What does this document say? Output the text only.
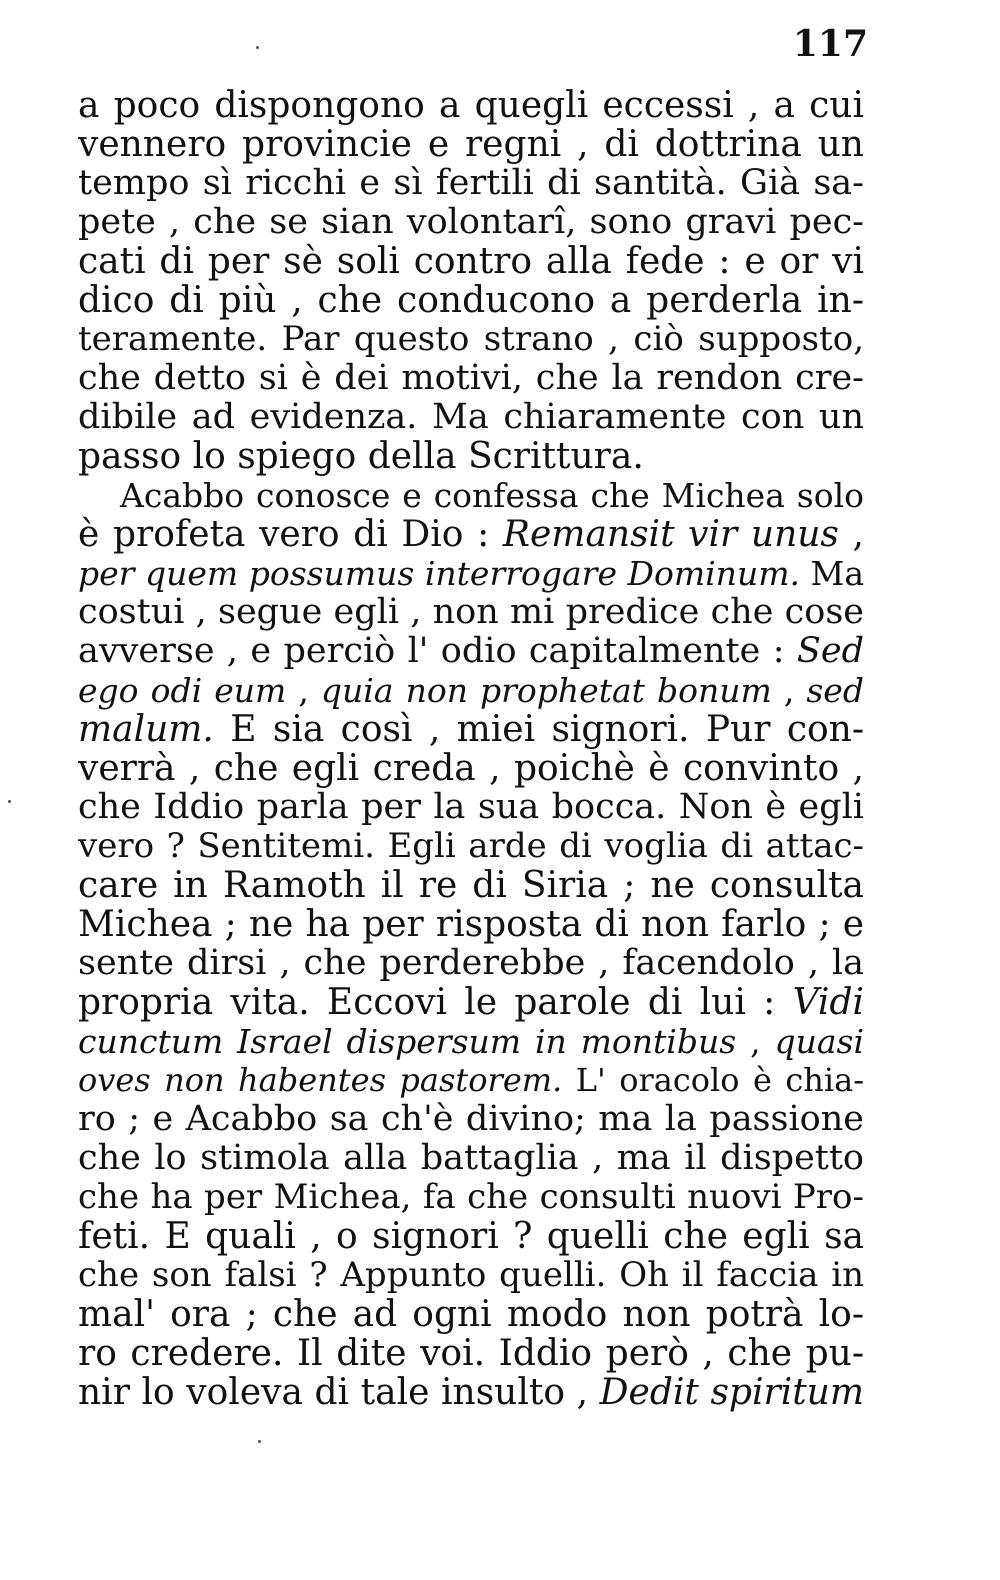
117
a poco dispongono a quegli eccessi , a cui
vennero provincie e regni , di dottrina un
tempo sì ricchi e sì fertili di santità. Già sa-
pete , che se sian volontarî, sono gravi pec-
cati di per sè soli contro alla fede : e or vi
dico di più , che conducono a perderla in-
teramente. Par questo strano , ciò supposto,
che detto si è dei motivi, che la rendon cre-
dibile ad evidenza. Ma chiaramente con un
passo lo spiego della Scrittura.
Acabbo conosce e confessa che Michea solo
è profeta vero di Dio : Remansit vir unus ,
per quem possumus interrogare Dominum. Ma
costui , segue egli , non mi predice che cose
avverse , e perciò l' odio capitalmente : Sed
ego odi eum , quia non prophetat bonum , sed
malum. E sia così , miei signori. Pur con-
verrà , che egli creda , poichè è convinto ,
che Iddio parla per la sua bocca. Non è egli
vero ? Sentitemi. Egli arde di voglia di attac-
care in Ramoth il re di Siria ; ne consulta
Michea ; ne ha per risposta di non farlo ; e
sente dirsi , che perderebbe , facendolo , la
propria vita. Eccovi le parole di lui : Vidi
cunctum Israel dispersum in montibus , quasi
oves non habentes pastorem. L' oracolo è chia-
ro ; e Acabbo sa ch'è divino; ma la passione
che lo stimola alla battaglia , ma il dispetto
che ha per Michea, fa che consulti nuovi Pro-
feti. E quali , o signori ? quelli che egli sa
che son falsi ? Appunto quelli. Oh il faccia in
mal' ora ; che ad ogni modo non potrà lo-
ro credere. Il dite voi. Iddio però , che pu-
nir lo voleva di tale insulto , Dedit spiritum
